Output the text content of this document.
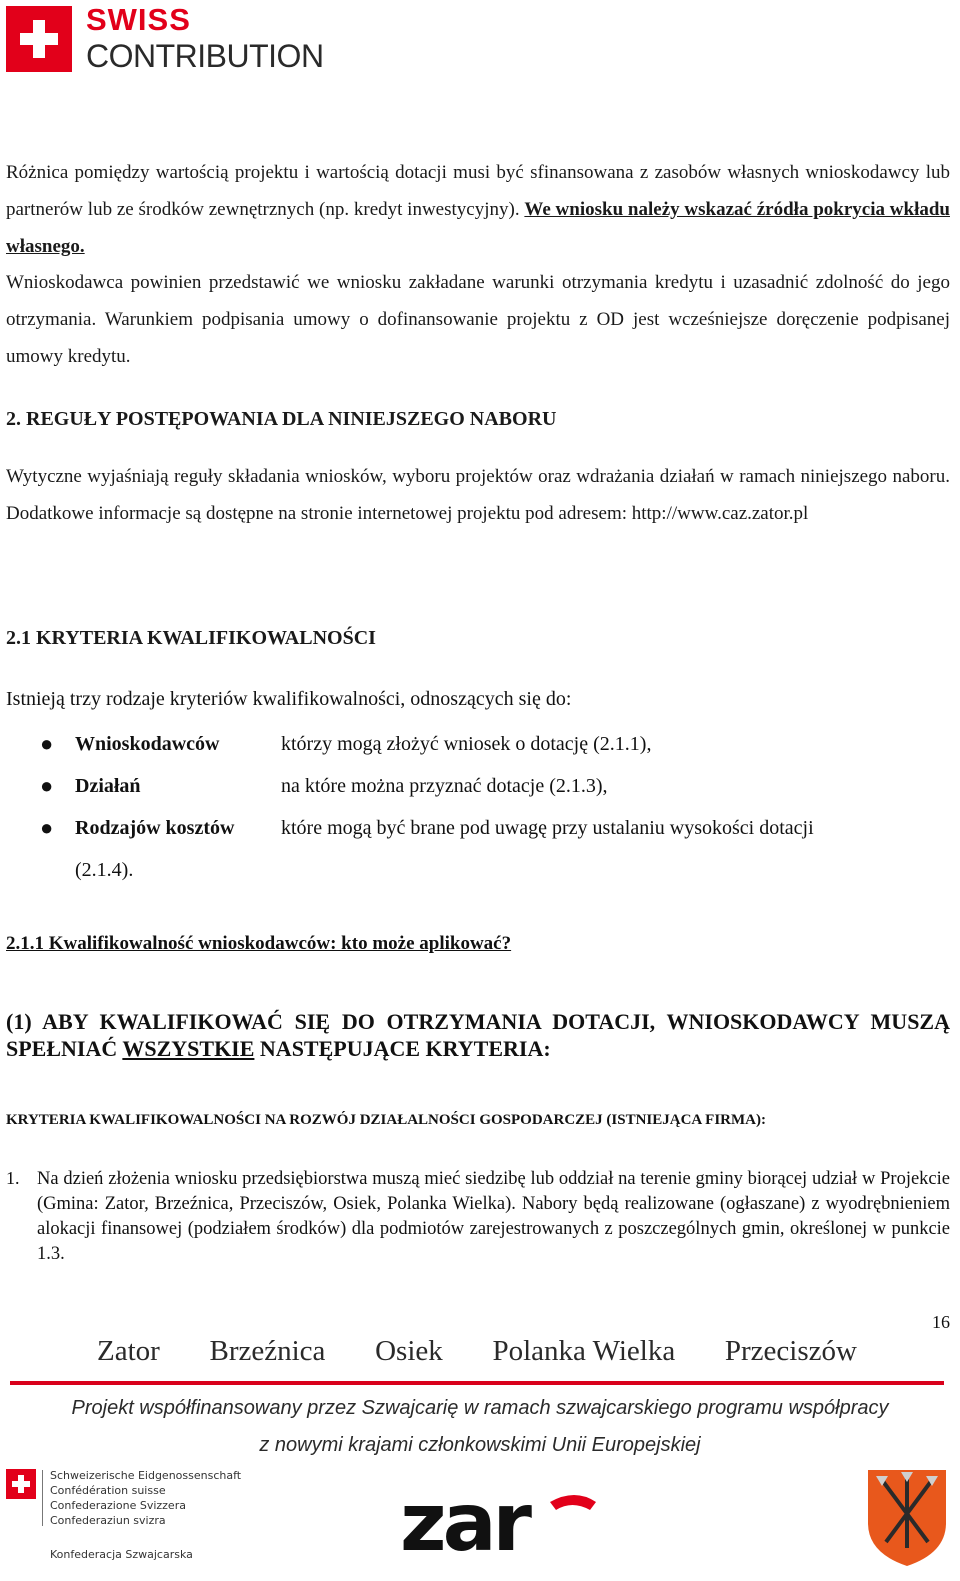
SWISS
CONTRIBUTION
Różnica pomiędzy wartością projektu i wartością dotacji musi być sfinansowana z zasobów własnych wnioskodawcy lub partnerów lub ze środków zewnętrznych (np. kredyt inwestycyjny). We wniosku należy wskazać źródła pokrycia wkładu własnego.
Wnioskodawca powinien przedstawić we wniosku zakładane warunki otrzymania kredytu i uzasadnić zdolność do jego otrzymania. Warunkiem podpisania umowy o dofinansowanie projektu z OD jest wcześniejsze doręczenie podpisanej umowy kredytu.
2. REGUŁY POSTĘPOWANIA DLA NINIEJSZEGO NABORU
Wytyczne wyjaśniają reguły składania wniosków, wyboru projektów oraz wdrażania działań w ramach niniejszego naboru. Dodatkowe informacje są dostępne na stronie internetowej projektu pod adresem: http://www.caz.zator.pl
2.1 KRYTERIA KWALIFIKOWALNOŚCI
Istnieją trzy rodzaje kryteriów kwalifikowalności, odnoszących się do:
● Wnioskodawców	którzy mogą złożyć wniosek o dotację (2.1.1),
● Działań	na które można przyznać dotacje (2.1.3),
● Rodzajów kosztów które mogą być brane pod uwagę przy ustalaniu wysokości dotacji
(2.1.4).
2.1.1 Kwalifikowalność wnioskodawców: kto może aplikować?
(1) ABY KWALIFIKOWAĆ SIĘ DO OTRZYMANIA DOTACJI, WNIOSKODAWCY MUSZĄ SPEŁNIAĆ WSZYSTKIE NASTĘPUJĄCE KRYTERIA:
KRYTERIA KWALIFIKOWALNOŚCI NA ROZWÓJ DZIAŁALNOŚCI GOSPODARCZEJ (ISTNIEJĄCA FIRMA):
1. Na dzień złożenia wniosku przedsiębiorstwa muszą mieć siedzibę lub oddział na terenie gminy biorącej udział w Projekcie (Gmina: Zator, Brzeźnica, Przeciszów, Osiek, Polanka Wielka). Nabory będą realizowane (ogłaszane) z wyodrębnieniem alokacji finansowej (podziałem środków) dla podmiotów zarejestrowanych z poszczególnych gmin, określonej w punkcie 1.3.
16
Zator Brzeźnica Osiek Polanka Wielka Przeciszów
Projekt współfinansowany przez Szwajcarię w ramach szwajcarskiego programu współpracy
z nowymi krajami członkowskimi Unii Europejskiej
Schweizerische Eidgenossenschaft
Confédération suisse
Confederazione Svizzera
Confederaziun svizra
Konfederacja Szwajcarska	zar
